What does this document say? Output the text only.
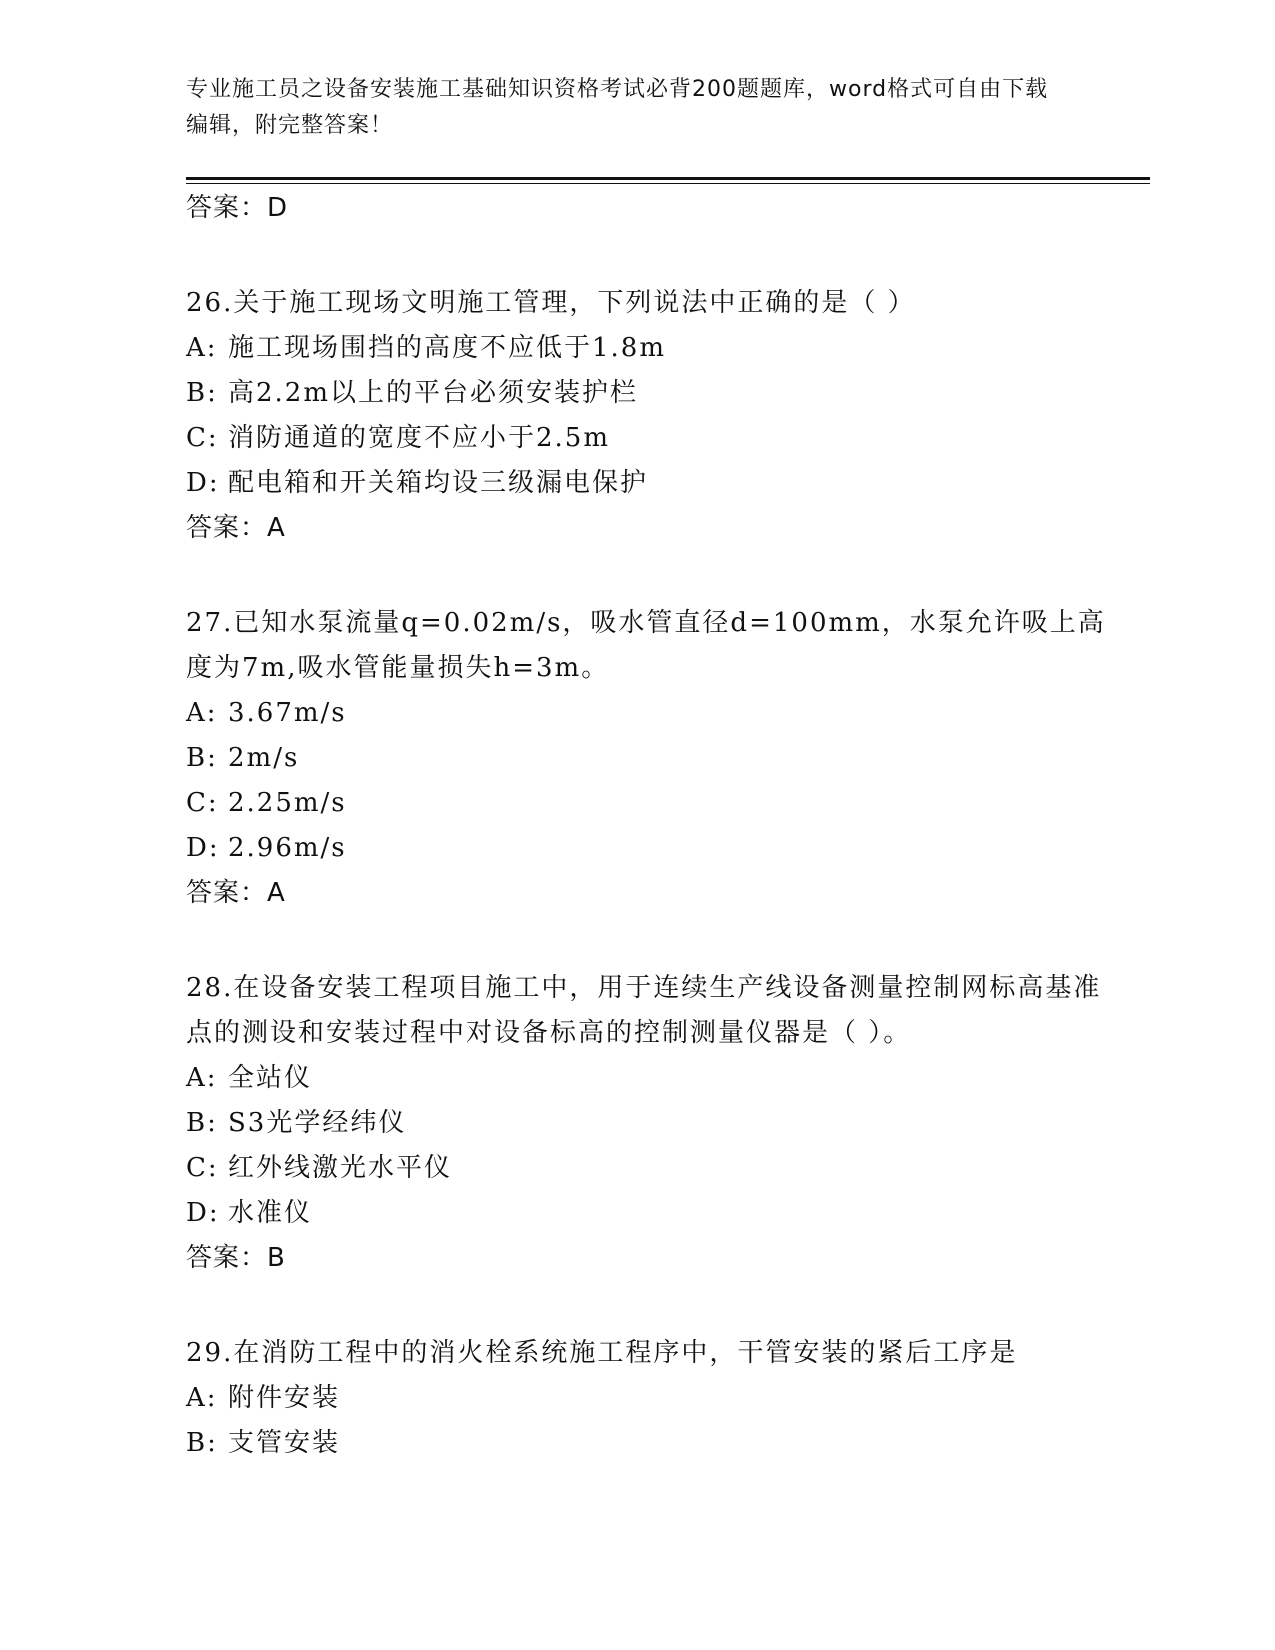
专业施工员之设备安装施工基础知识资格考试必背200题题库，word格式可自由下载编辑，附完整答案！
答案：D
26.关于施工现场文明施工管理，下列说法中正确的是（ ）
A: 施工现场围挡的高度不应低于1.8m
B: 高2.2m以上的平台必须安装护栏
C: 消防通道的宽度不应小于2.5m
D: 配电箱和开关箱均设三级漏电保护
答案：A
27.已知水泵流量q=0.02m/s，吸水管直径d=100mm，水泵允许吸上高度为7m,吸水管能量损失h=3m。
A: 3.67m/s
B: 2m/s
C: 2.25m/s
D: 2.96m/s
答案：A
28.在设备安装工程项目施工中，用于连续生产线设备测量控制网标高基准点的测设和安装过程中对设备标高的控制测量仪器是（ ）。
A: 全站仪
B: S3光学经纬仪
C: 红外线激光水平仪
D: 水准仪
答案：B
29.在消防工程中的消火栓系统施工程序中，干管安装的紧后工序是
A: 附件安装
B: 支管安装
